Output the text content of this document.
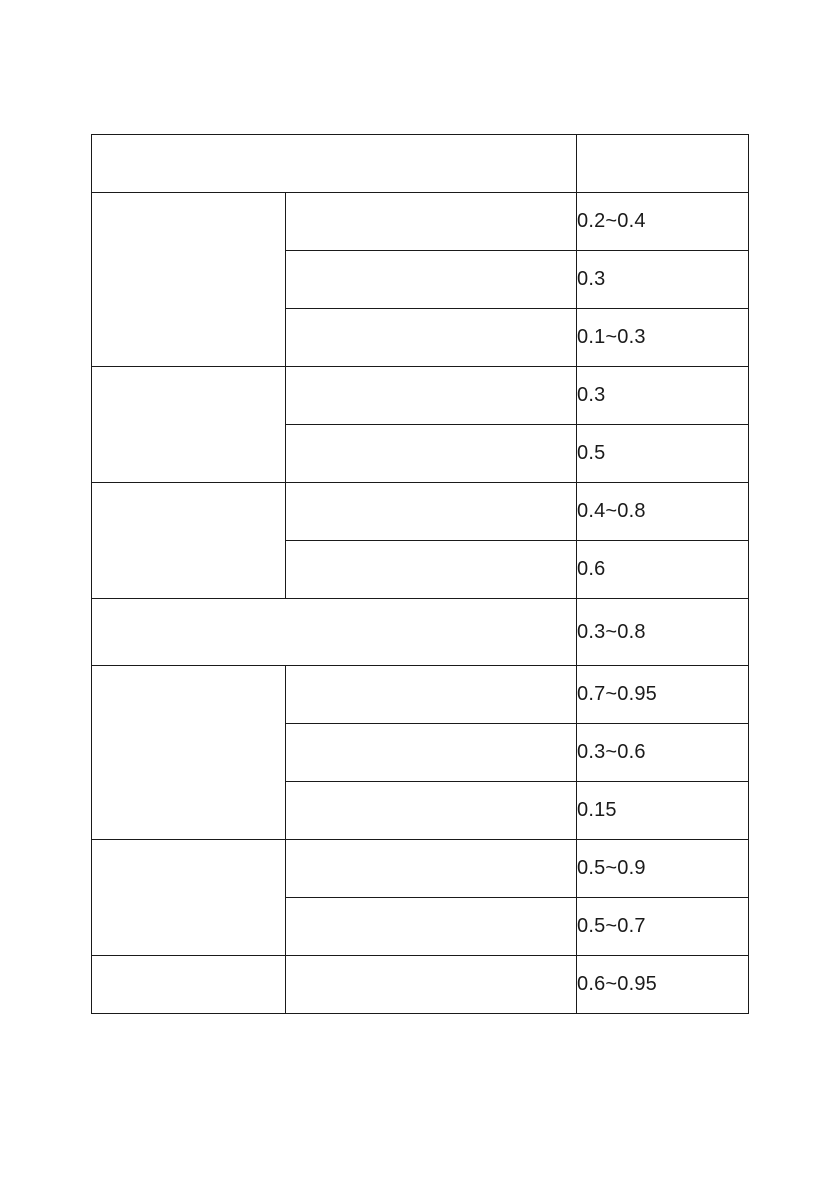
		0.2~0.4
		0.3
		0.1~0.3
		0.3
		0.5
		0.4~0.8
		0.6
		0.3~0.8
		0.7~0.95
		0.3~0.6
		0.15
		0.5~0.9
		0.5~0.7
		0.6~0.95
